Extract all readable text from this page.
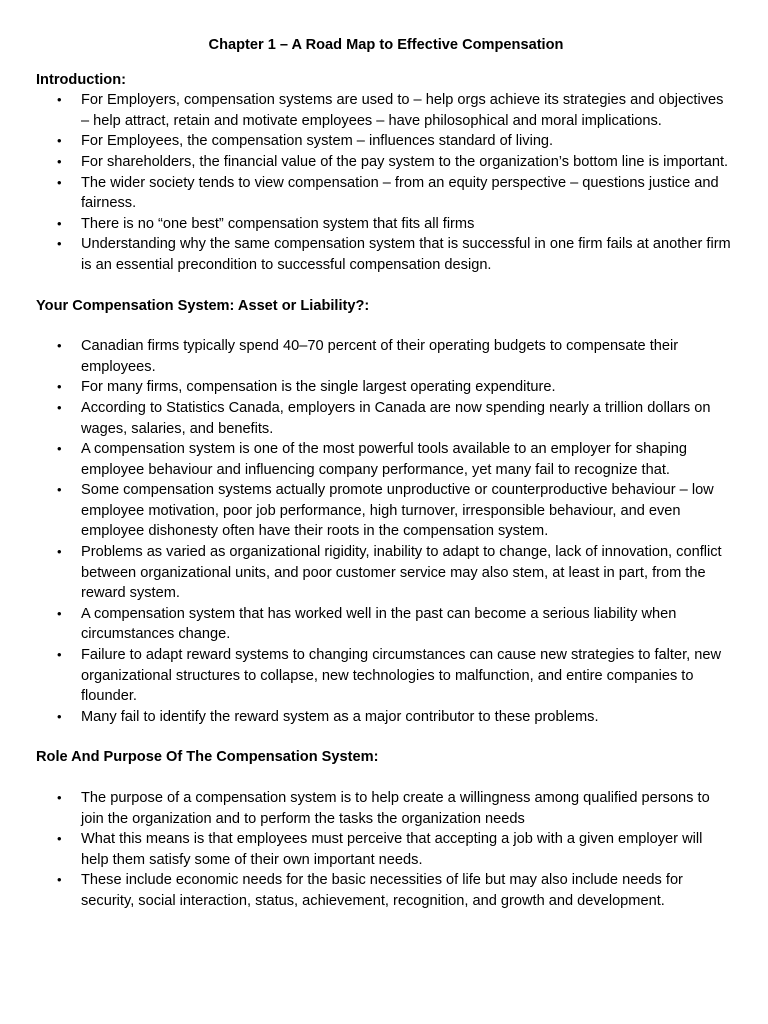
Chapter 1 – A Road Map to Effective Compensation
Introduction:
• For Employers, compensation systems are used to – help orgs achieve its strategies and objectives – help attract, retain and motivate employees – have philosophical and moral implications.
• For Employees, the compensation system – influences standard of living.
• For shareholders, the financial value of the pay system to the organization’s bottom line is important.
• The wider society tends to view compensation – from an equity perspective – questions justice and fairness.
• There is no “one best” compensation system that fits all firms
• Understanding why the same compensation system that is successful in one firm fails at another firm is an essential precondition to successful compensation design.
Your Compensation System: Asset or Liability?:
• Canadian firms typically spend 40–70 percent of their operating budgets to compensate their employees.
• For many firms, compensation is the single largest operating expenditure.
• According to Statistics Canada, employers in Canada are now spending nearly a trillion dollars on wages, salaries, and benefits.
• A compensation system is one of the most powerful tools available to an employer for shaping employee behaviour and influencing company performance, yet many fail to recognize that.
• Some compensation systems actually promote unproductive or counterproductive behaviour – low employee motivation, poor job performance, high turnover, irresponsible behaviour, and even employee dishonesty often have their roots in the compensation system.
• Problems as varied as organizational rigidity, inability to adapt to change, lack of innovation, conflict between organizational units, and poor customer service may also stem, at least in part, from the reward system.
• A compensation system that has worked well in the past can become a serious liability when circumstances change.
• Failure to adapt reward systems to changing circumstances can cause new strategies to falter, new organizational structures to collapse, new technologies to malfunction, and entire companies to flounder.
• Many fail to identify the reward system as a major contributor to these problems.
Role And Purpose Of The Compensation System:
• The purpose of a compensation system is to help create a willingness among qualified persons to join the organization and to perform the tasks the organization needs
• What this means is that employees must perceive that accepting a job with a given employer will help them satisfy some of their own important needs.
• These include economic needs for the basic necessities of life but may also include needs for security, social interaction, status, achievement, recognition, and growth and development.
